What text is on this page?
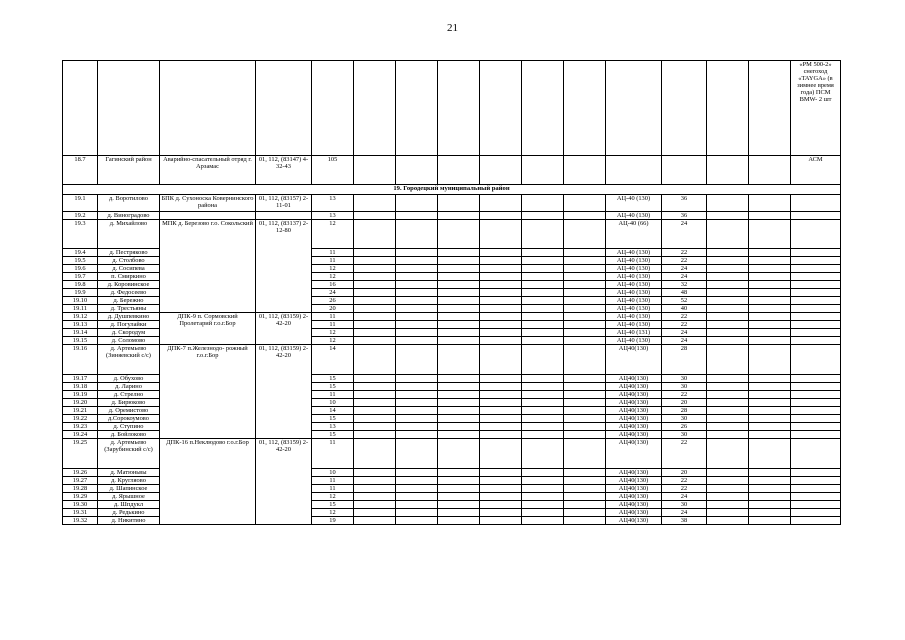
21
															«РМ 500-2» снегоход «TAYGA» (в зимнее время года) ПСМ BMW- 2 шт
18.7	Гагинский район	Аварийно-спасательный отряд г. Арзамас	01, 112, (83147) 4-32-43	105											АСМ
19. Городецкий муниципальный район															
19.1	д. Воротилово	БПК д. Сухоноска Ковернинского района	01, 112, (83157) 2-11-01	13							АЦ-40 (130)	36			
19.2	д. Виноградово			13							АЦ-40 (130)	36			
19.3	д. Михайлово	МПК д. Березово г.о. Сокольский	01, 112, (83137) 2-12-80	12							АЦ-40 (66)	24			
19.4	д. Пестряково			11							АЦ-40 (130)	22			
19.5	д. Столбово			11							АЦ-40 (130)	22			
19.6	д. Сосипева			12							АЦ-40 (130)	24			
19.7	п. Смиркино			12							АЦ-40 (130)	24			
19.8	д. Коровинское			16							АЦ-40 (130)	32			
19.9	д. Федосеево			24							АЦ-40 (130)	48			
19.10	д. Бережно			26							АЦ-40 (130)	52			
19.11	д. Трестьяны			20							АЦ-40 (130)	40			
19.12	д. Душпевкино	ДПК-9 п. Сормовский Пролетарий г.о.г.Бор	01, 112, (83159) 2-42-20	11							АЦ-40 (130)	22			
19.13	д. Погулайки			11							АЦ-40 (130)	22			
19.14	д. Скородум			12							АЦ-40 (131)	24			
19.15	д. Соломово			12							АЦ-40 (130)	24			
19.16	д. Артемьево (Зиняевский с/с)	ДПК-7 п.Железнодо- рожный г.о.г.Бор	01, 112, (83159) 2-42-20	14							АЦ40(130)	28			
19.17	д. Обухово			15							АЦ40(130)	30			
19.18	д. Ларино			15							АЦ40(130)	30			
19.19	д. Стрелно			11							АЦ40(130)	22			
19.20	д. Бирюково			10							АЦ40(130)	20			
19.21	д. Оремистово			14							АЦ40(130)	28			
19.22	д.Сорокоумово			15							АЦ40(130)	30			
19.23	д. Ступино			13							АЦ40(130)	26			
19.24	д. Бойлоково			15							АЦ40(130)	30			
19.25	д. Артемьево (Зарубинский с/с)	ДПК-16 п.Неклюдово г.о.г.Бор	01, 112, (83159) 2-42-20	11							АЦ40(130)	22			
19.26	д. Матюньвы			10							АЦ40(130)	20			
19.27	д. Кругляово			11							АЦ40(130)	22			
19.28	д. Шапинское			11							АЦ40(130)	22			
19.29	д. Ярышное			12							АЦ40(130)	24			
19.30	д. Шпдукл			15							АЦ40(130)	30			
19.31	д. Редькино			12							АЦ40(130)	24			
19.32	д. Никитино			19							АЦ40(130)	38			
